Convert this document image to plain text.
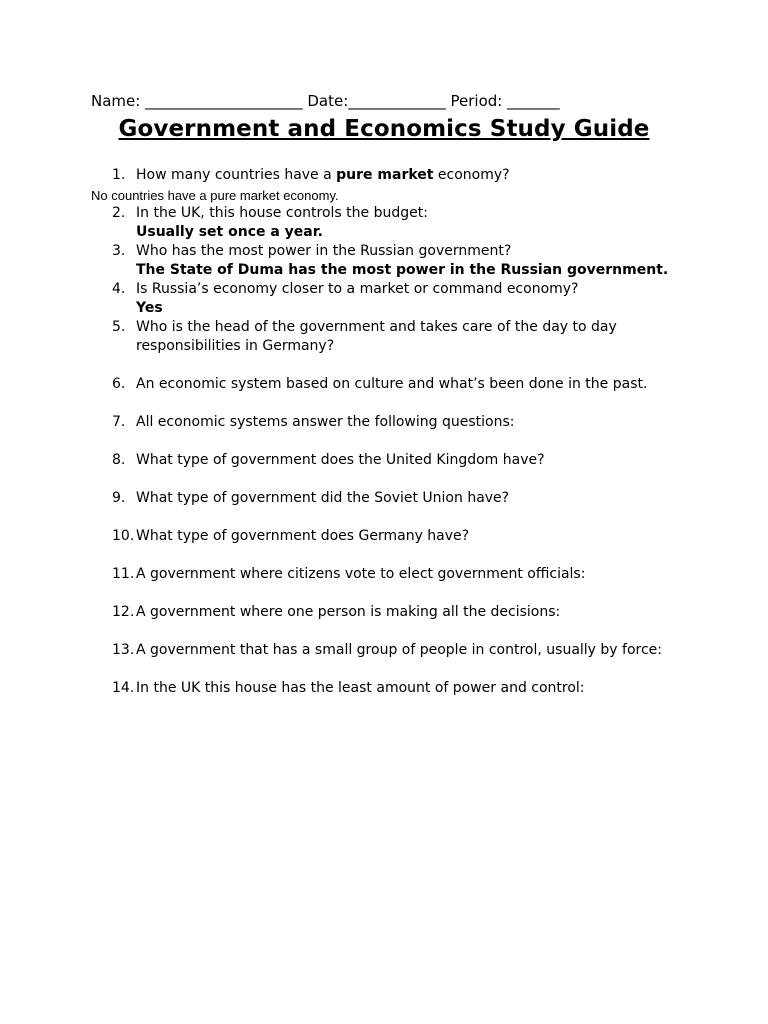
Name: _____________________ Date:_____________ Period: _______
Government and Economics Study Guide
1. How many countries have a pure market economy?
No countries have a pure market economy.
2. In the UK, this house controls the budget:
Usually set once a year.
3. Who has the most power in the Russian government?
The State of Duma has the most power in the Russian government.
4. Is Russia’s economy closer to a market or command economy?
Yes
5. Who is the head of the government and takes care of the day to day responsibilities in Germany?
6. An economic system based on culture and what’s been done in the past.
7. All economic systems answer the following questions:
8. What type of government does the United Kingdom have?
9. What type of government did the Soviet Union have?
10. What type of government does Germany have?
11. A government where citizens vote to elect government officials:
12. A government where one person is making all the decisions:
13. A government that has a small group of people in control, usually by force:
14. In the UK this house has the least amount of power and control:
